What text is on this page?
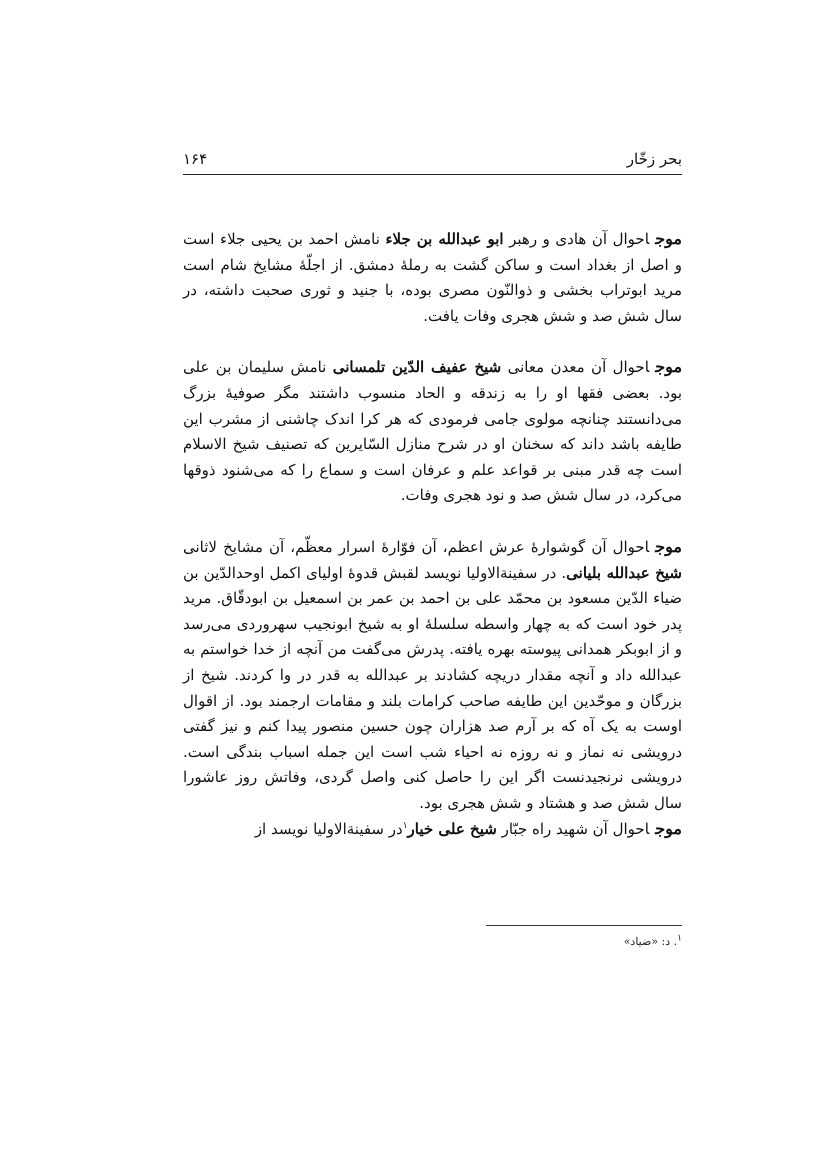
بحر زخّار
۱۶۴

موجاحوال آن هادی و رهبر ابو عبدالله بن جلاء نامش احمد بن یحیی جلاء است و اصل از بغداد است و ساکن گشت به رملهٔ دمشق. از اجلّهٔ مشایخ شام است مرید ابوتراب بخشی و ذوالنّون مصری بوده، با جنید و ثوری صحبت داشته، در سال شش صد و شش هجری وفات یافت.

موجاحوال آن معدن معانی شیخ عفیف الدّین تلمسانی نامش سلیمان بن علی بود. بعضی فقها او را به زندقه و الحاد منسوب داشتند مگر صوفیهٔ بزرگ می‌دانستند چنانچه مولوی جامی فرمودی که هر کرا اندک چاشنی از مشرب این طایفه باشد داند که سخنان او در شرح منازل السّایرین که تصنیف شیخ الاسلام است چه قدر مبنی بر قواعد علم و عرفان است و سماع را که می‌شنود ذوقها می‌کرد، در سال شش صد و نود هجری وفات.

موجاحوال آن گوشوارهٔ عرش اعظم، آن فوّارهٔ اسرار معظّم، آن مشایخ لاثانی شیخ عبدالله بلیانی. در سفینةالاولیا نویسد لقبش قدوهٔ اولیای اکمل اوحدالدّین بن ضیاء الدّین مسعود بن محمّد علی بن احمد بن عمر بن اسمعیل بن ابودقّاق. مرید پدر خود است که به چهار واسطه سلسلهٔ او به شیخ ابونجیب سهروردی می‌رسد و از ابوبکر همدانی پیوسته بهره یافته. پدرش می‌گفت من آنچه از خدا خواستم به عبدالله داد و آنچه مقدار دریچه کشادند بر عبدالله به قدر در وا کردند. شیخ از بزرگان و موحّدین این طایفه صاحب کرامات بلند و مقامات ارجمند بود. از اقوال اوست به یک آه که بر آرم صد هزاران چون حسین منصور پیدا کنم و نیز گفتی درویشی نه نماز و نه روزه نه احیاء شب است این جمله اسباب بندگی است. درویشی نرنجیدنست اگر این را حاصل کنی واصل گردی، وفاتش روز عاشورا سال شش صد و هشتاد و شش هجری بود.

موجاحوال آن شهید راه جبّار شیخ علی خیار$^۱$در سفینةالاولیا نویسد از

$^۱$. د: «ضیاد»
